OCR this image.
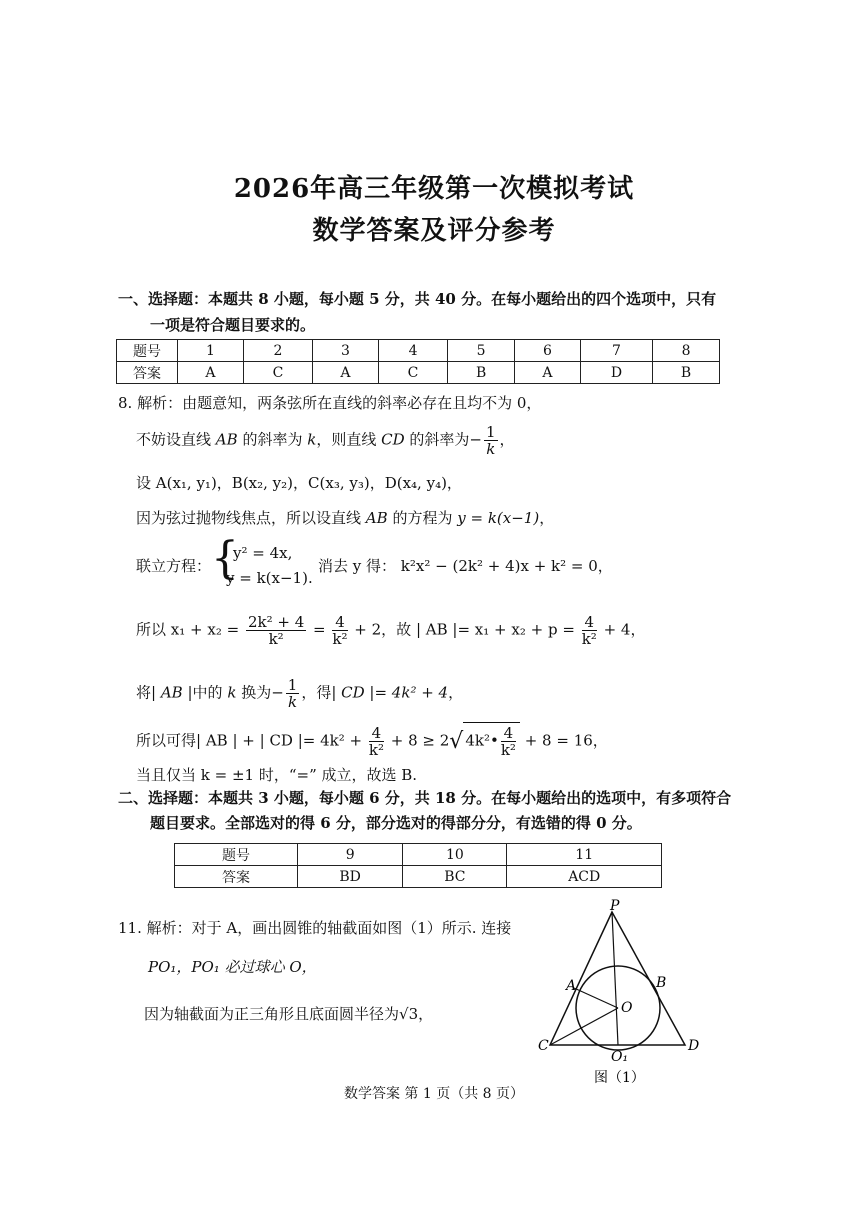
2026年高三年级第一次模拟考试
数学答案及评分参考
一、选择题：本题共 8 小题，每小题 5 分，共 40 分。在每小题给出的四个选项中，只有
一项是符合题目要求的。
题号	1	2	3	4	5	6	7	8
答案	A	C	A	C	B	A	D	B
8. 解析：由题意知，两条弦所在直线的斜率必存在且均不为 0，
不妨设直线 AB 的斜率为 k，则直线 CD 的斜率为− $\frac{1}{k}$ ，
设 A(x₁, y₁)，B(x₂, y₂)，C(x₃, y₃)，D(x₄, y₄)，
因为弦过抛物线焦点，所以设直线 AB 的方程为 y = k(x−1)，
联立方程： {
y² = 4x,
y = k(x−1).
消去 y 得： k²x² − (2k² + 4)x + k² = 0，
所以 $x_1 + x_2 = \frac{\text{2k² + 4}}{\text{k²}} = \frac{4}{\text{k²}} + 2$，故 | AB |= $x_1 + x_2 + p = \frac{4}{\text{k²}} + 4$，
将| AB |中的 k 换为− $\frac{1}{k}$ ，得| CD |= 4k² + 4，
所以可得| AB | + | CD |= $4k^2 + \frac{4}{\text{k²}} + 8 \ge 2√$ 4k²• $\frac{4}{\text{k²}} + 8 = 16$，
当且仅当 k = ±1 时，“=” 成立，故选 B.
二、选择题：本题共 3 小题，每小题 6 分，共 18 分。在每小题给出的选项中，有多项符合
题目要求。全部选对的得 6 分，部分选对的得部分分，有选错的得 0 分。
题号	9	10	11
答案	BD	BC	ACD
11. 解析：对于 A，画出圆锥的轴截面如图（1）所示. 连接
PO₁，PO₁ 必过球心 O，
因为轴截面为正三角形且底面圆半径为√3，
P
A	B
O
C	D
O₁
图（1）
数学答案 第 1 页（共 8 页）
